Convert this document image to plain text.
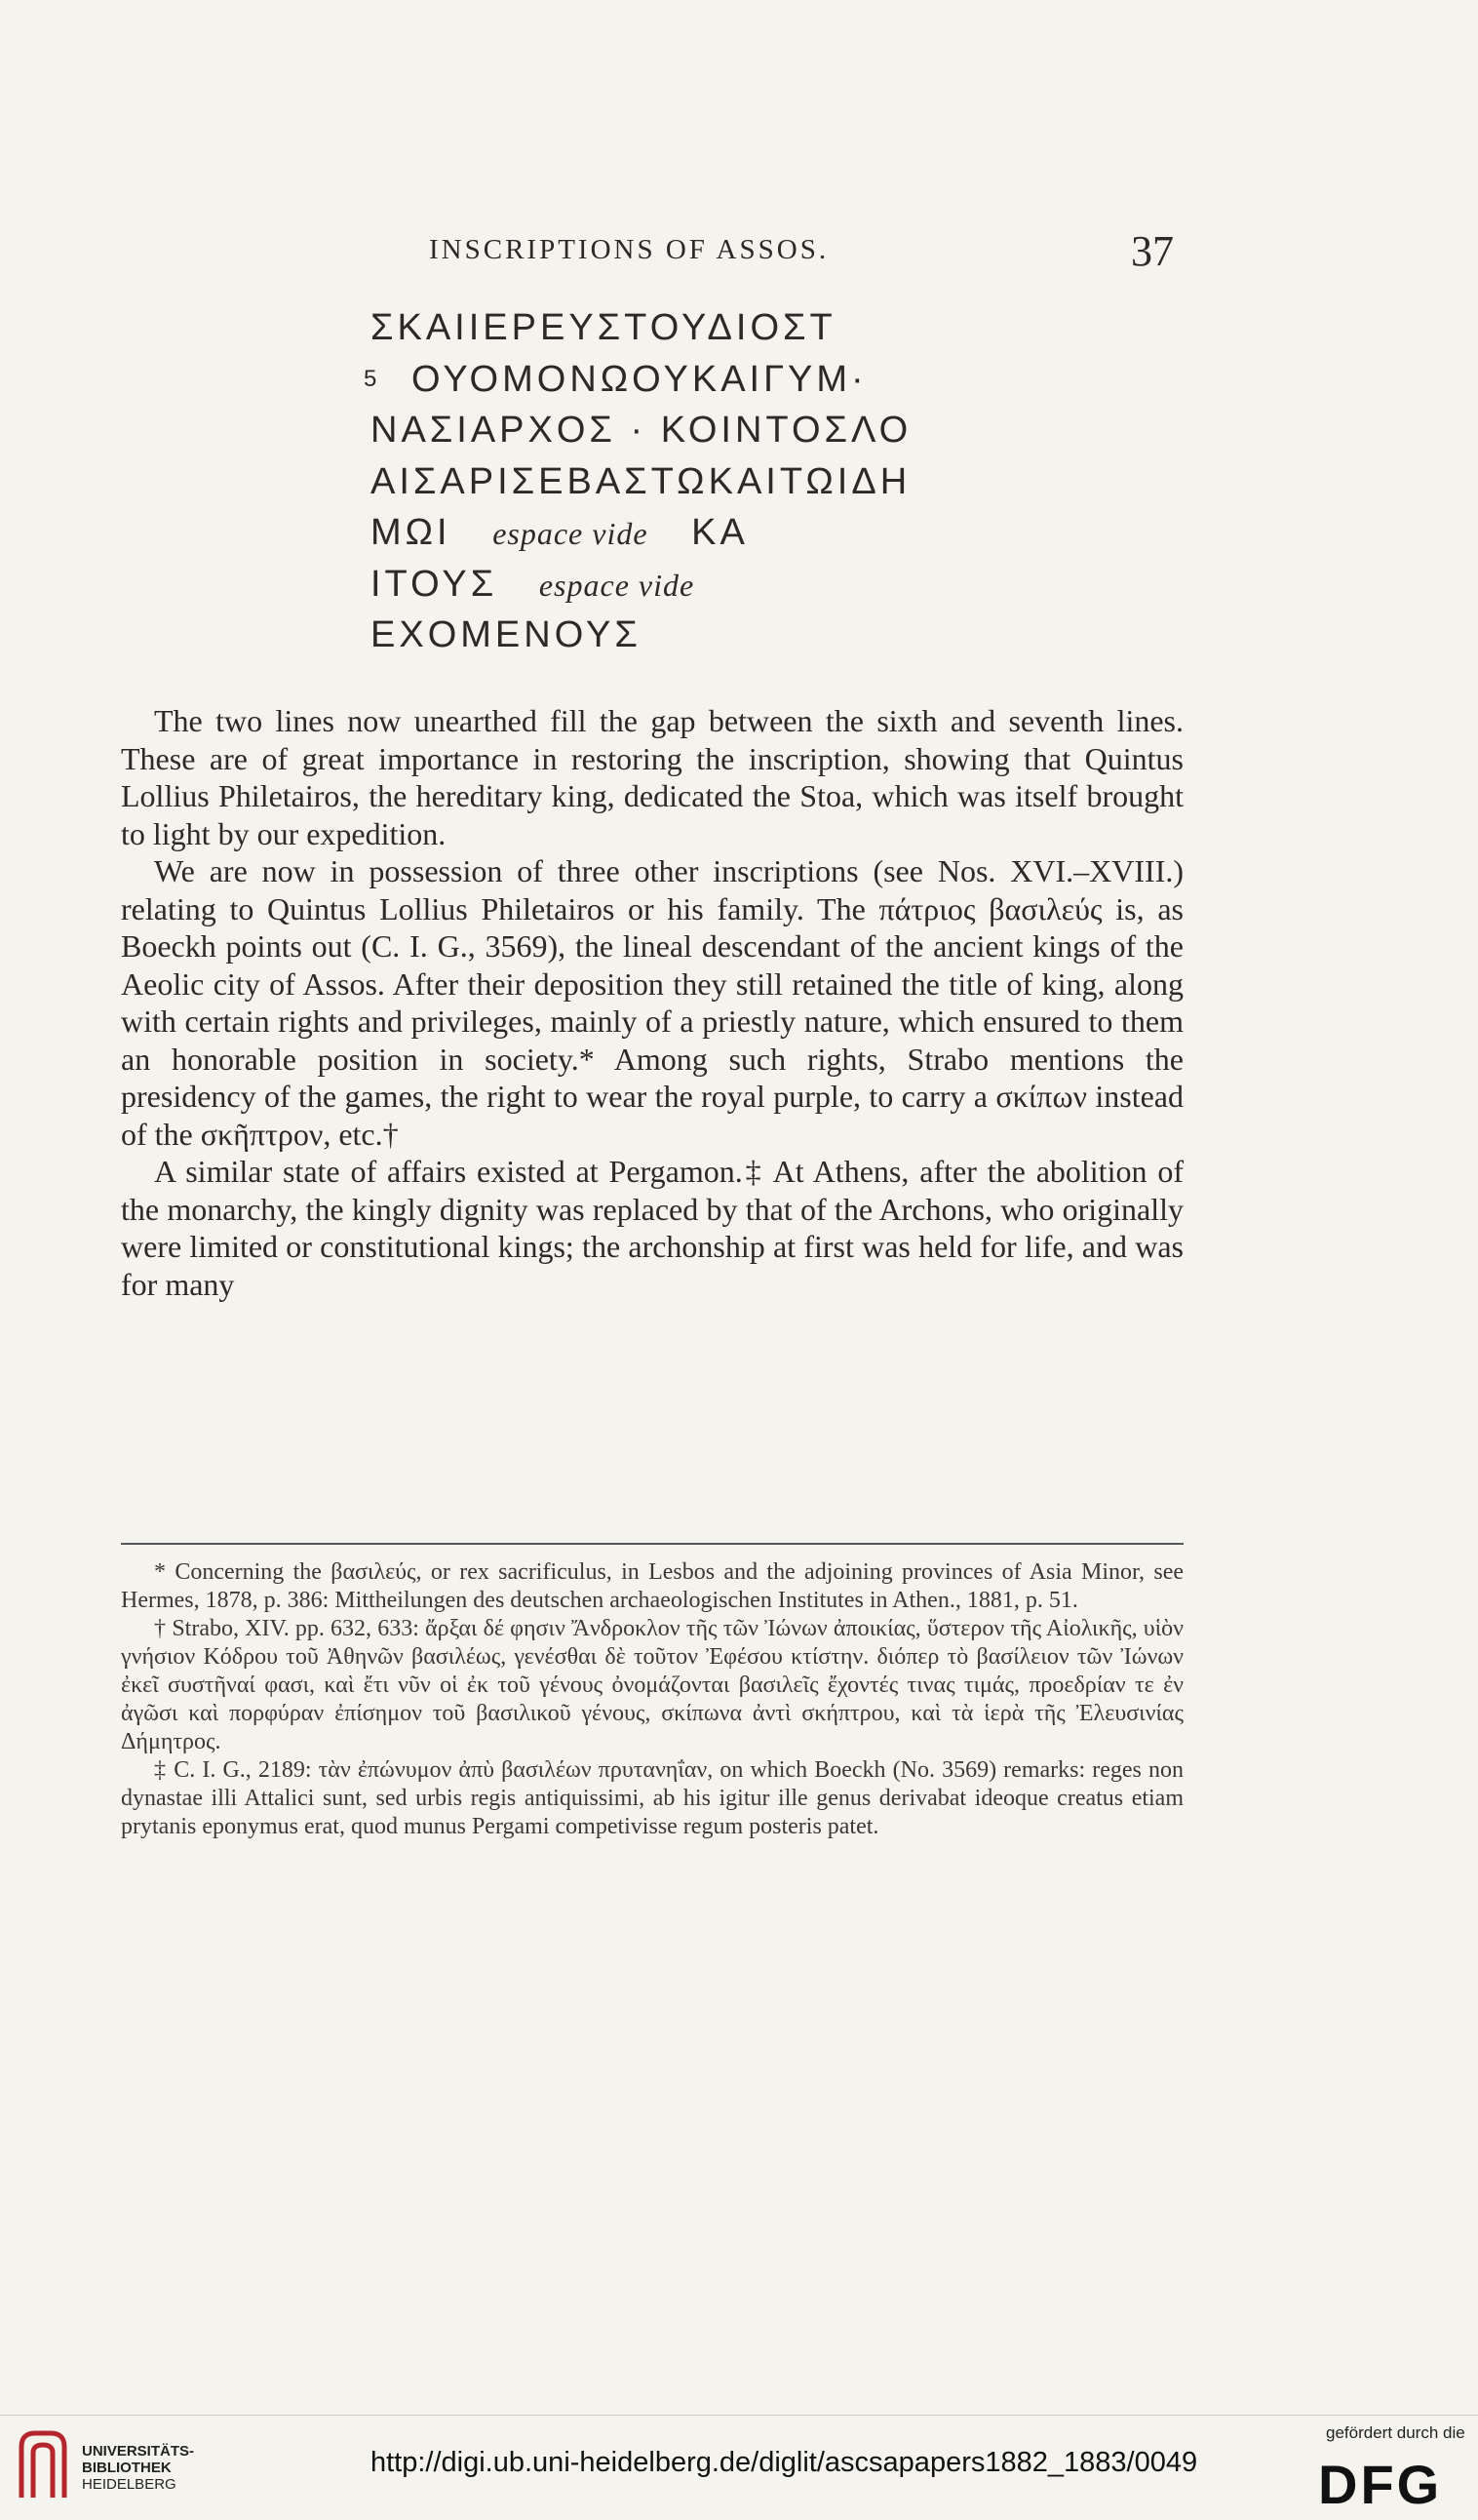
INSCRIPTIONS OF ASSOS.	37
ΣΚΑΙΙΕΡΕΥΣΤΟΥΔΙΟΣΤ
5 ΟΥΟΜΟΝΩΟΥΚΑΙΓΥΜ·
ΝΑΣΙΑΡΧΟΣ · ΚΟΙΝΤΟΣΛΟ
ΑΙΣΑΡΙΣΕΒΑΣΤΩΚΑΙΤΩΙΔΗ
ΜΩΙ espace vide ΚΑ
ΙΤΟΥΣ espace vide
ΕΧΟΜΕΝΟΥΣ

The two lines now unearthed fill the gap between the sixth and seventh lines. These are of great importance in restoring the inscription, showing that Quintus Lollius Philetairos, the hereditary king, dedicated the Stoa, which was itself brought to light by our expedition.

We are now in possession of three other inscriptions (see Nos. XVI.–XVIII.) relating to Quintus Lollius Philetairos or his family. The πάτριος βασιλεύς is, as Boeckh points out (C. I. G., 3569), the lineal descendant of the ancient kings of the Aeolic city of Assos. After their deposition they still retained the title of king, along with certain rights and privileges, mainly of a priestly nature, which ensured to them an honorable position in society.* Among such rights, Strabo mentions the presidency of the games, the right to wear the royal purple, to carry a σκίπων instead of the σκῆπτρον, etc.†

A similar state of affairs existed at Pergamon.‡ At Athens, after the abolition of the monarchy, the kingly dignity was replaced by that of the Archons, who originally were limited or constitutional kings; the archonship at first was held for life, and was for many

* Concerning the βασιλεύς, or rex sacrificulus, in Lesbos and the adjoining provinces of Asia Minor, see Hermes, 1878, p. 386: Mittheilungen des deutschen archaeologischen Institutes in Athen., 1881, p. 51.

† Strabo, XIV. pp. 632, 633: ἄρξαι δέ φησιν Ἄνδροκλον τῆς τῶν Ἰώνων ἀποικίας, ὕστερον τῆς Αἰολικῆς, υἱὸν γνήσιον Κόδρου τοῦ Ἀθηνῶν βασιλέως, γενέσθαι δὲ τοῦτον Ἐφέσου κτίστην. διόπερ τὸ βασίλειον τῶν Ἰώνων ἐκεῖ συστῆναί φασι, καὶ ἔτι νῦν οἱ ἐκ τοῦ γένους ὀνομάζονται βασιλεῖς ἔχοντές τινας τιμάς, προεδρίαν τε ἐν ἀγῶσι καὶ πορφύραν ἐπίσημον τοῦ βασιλικοῦ γένους, σκίπωνα ἀντὶ σκήπτρου, καὶ τὰ ἱερὰ τῆς Ἐλευσινίας Δήμητρος.

‡ C. I. G., 2189: τὰν ἐπώνυμον ἀπὺ βασιλέων πρυτανηΐαν, on which Boeckh (No. 3569) remarks: reges non dynastae illi Attalici sunt, sed urbis regis antiquissimi, ab his igitur ille genus derivabat ideoque creatus etiam prytanis eponymus erat, quod munus Pergami competivisse regum posteris patet.

UNIVERSITÄTS-
BIBLIOTHEK
HEIDELBERG
http://digi.ub.uni-heidelberg.de/diglit/ascsapapers1882_1883/0049
gefördert durch die
DFG
